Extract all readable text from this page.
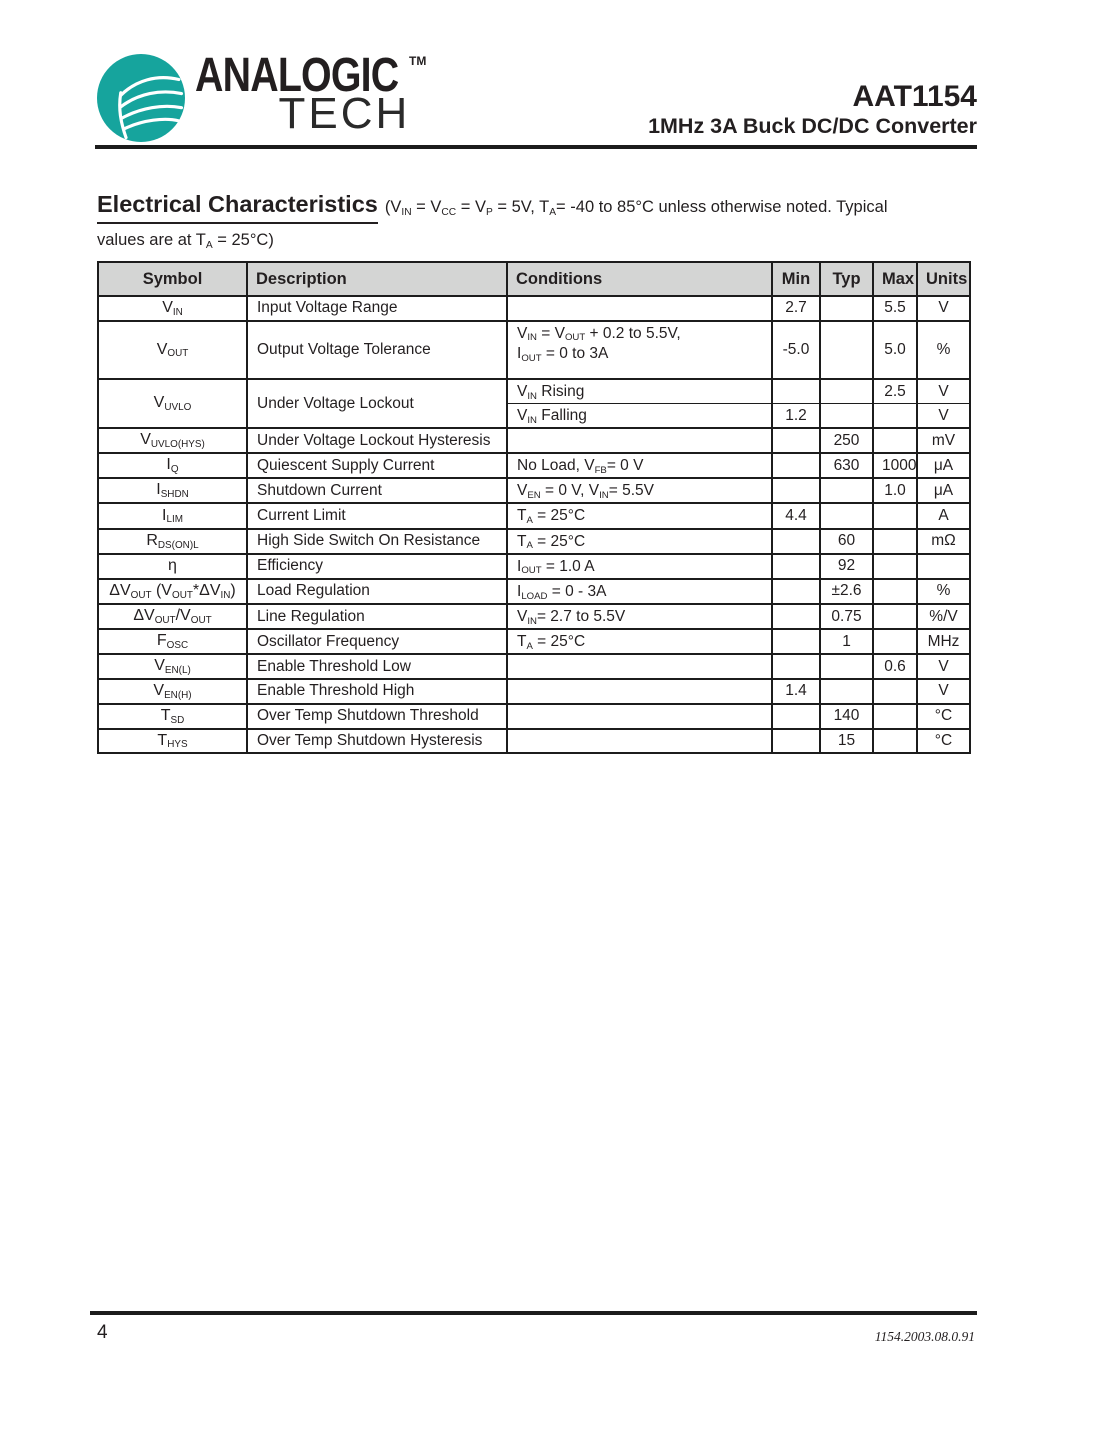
ANALOGIC TM
TECH	AAT1154
1MHz 3A Buck DC/DC Converter
Electrical Characteristics ($V_{IN} = V_{CC} = V_P = 5V$, $T_A= -40$ to 85°C unless otherwise noted. Typical
values are at $T_A = 25^\circ C$)
Symbol	Description	Conditions	Min	Typ	Max	Units
$V_{IN}$	Input Voltage Range		2.7		5.5	V
$V_{OUT}$	Output Voltage Tolerance	$V_{IN} = V_{OUT} + 0.2$ to 5.5V,
$I_{OUT} = 0$ to 3A	-5.0		5.0	%
$V_{UVLO}$	Under Voltage Lockout	$V_{IN}$ Rising			2.5	V
		$V_{IN}$ Falling	1.2			V
$V_{UVLO(HYS)}$	Under Voltage Lockout Hysteresis			250		mV
$I_Q$	Quiescent Supply Current	No Load, $V_{FB}= 0$ V		630	1000	μA
$I_{SHDN}$	Shutdown Current	$V_{EN} = 0$ V, $V_{IN}= 5.5V$			1.0	μA
$I_{LIM}$	Current Limit	$T_A = 25^\circ C$	4.4			A
$R_{DS(ON)L}$	High Side Switch On Resistance	$T_A = 25^\circ C$		60		mΩ
η	Efficiency	$I_{OUT} = 1.0$ A		92		
$\Delta V_{OUT}$ $(V_{OUT}*\Delta V_{IN})$	Load Regulation	$I_{LOAD} = 0 - 3A$		±2.6		%
$\Delta V_{OUT}/V_{OUT}$	Line Regulation	$V_{IN}= 2.7$ to 5.5V		0.75		%/V
$F_{OSC}$	Oscillator Frequency	$T_A = 25^\circ C$		1		MHz
$V_{EN(L)}$	Enable Threshold Low				0.6	V
$V_{EN(H)}$	Enable Threshold High		1.4			V
$T_{SD}$	Over Temp Shutdown Threshold			140		°C
$T_{HYS}$	Over Temp Shutdown Hysteresis			15		°C
4	1154.2003.08.0.91
